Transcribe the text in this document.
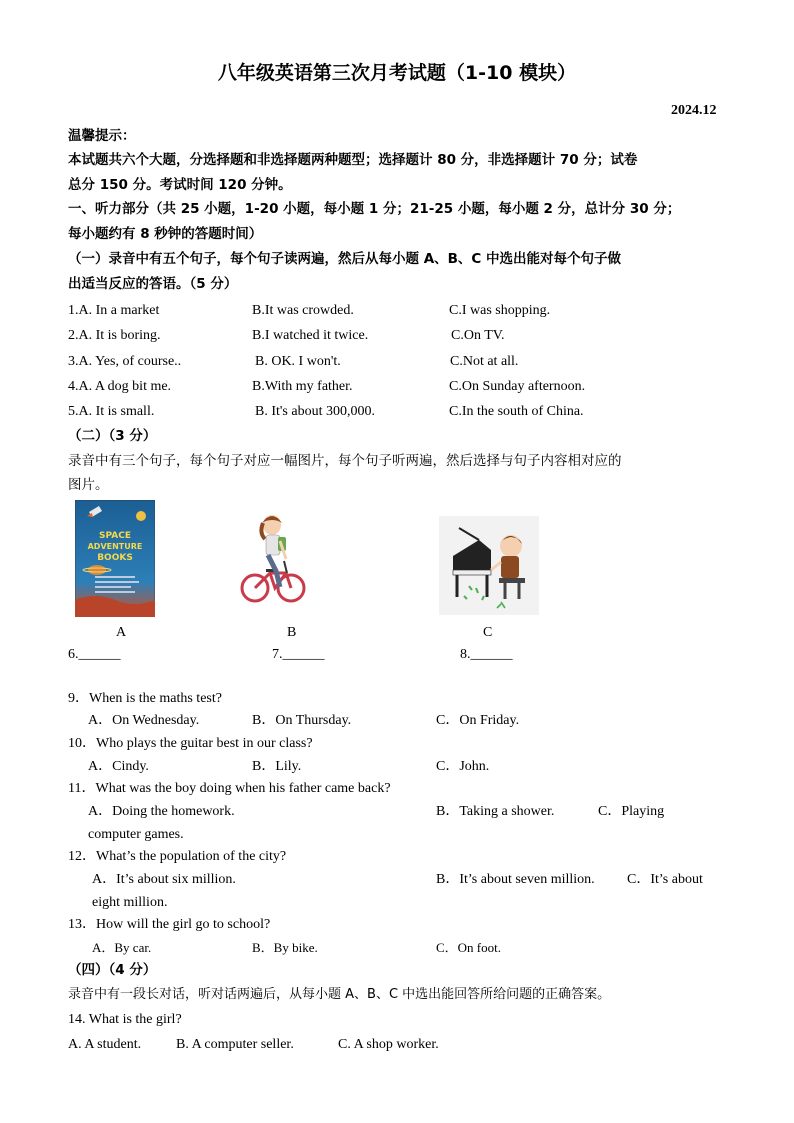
八年级英语第三次月考试题（1-10 模块）
2024.12
温馨提示：
本试题共六个大题，分选择题和非选择题两种题型；选择题计 80 分，非选择题计 70 分；试卷
总分 150 分。考试时间 120 分钟。
一、听力部分（共 25 小题，1-20 小题，每小题 1 分；21-25 小题，每小题 2 分，总计分 30 分；
每小题约有 8 秒钟的答题时间）
（一）录音中有五个句子，每个句子读两遍，然后从每小题 A、B、C 中选出能对每个句子做
出适当反应的答语。（5 分）
1.A. In a market	B.It was crowded.	C.I was shopping.
2.A. It is boring.	B.I watched it twice.	C.On TV.
3.A. Yes, of course..	B. OK. I won't.	C.Not at all.
4.A. A dog bit me.	B.With my father.	C.On Sunday afternoon.
5.A. It is small.	B. It's about 300,000.	C.In the south of China.
（二）（3 分）
录音中有三个句子，每个句子对应一幅图片，每个句子听两遍，然后选择与句子内容相对应的
图片。
SPACE
ADVENTURE
BOOKS
A	B	C
6.______	7.______	8.______
9．When is the maths test?
A．On Wednesday.	B．On Thursday.	C．On Friday.
10．Who plays the guitar best in our class?
A．Cindy.	B．Lily.	C．John.
11．What was the boy doing when his father came back?
A．Doing the homework.	B．Taking a shower.	C．Playing
computer games.
12．What’s the population of the city?
A．It’s about six million.	B．It’s about seven million. C．It’s about
eight million.
13．How will the girl go to school?
A．By car.	B．By bike.	C．On foot.
（四）（4 分）
录音中有一段长对话，听对话两遍后，从每小题 A、B、C 中选出能回答所给问题的正确答案。
14. What is the girl?
A. A student. B. A computer seller.	C. A shop worker.
